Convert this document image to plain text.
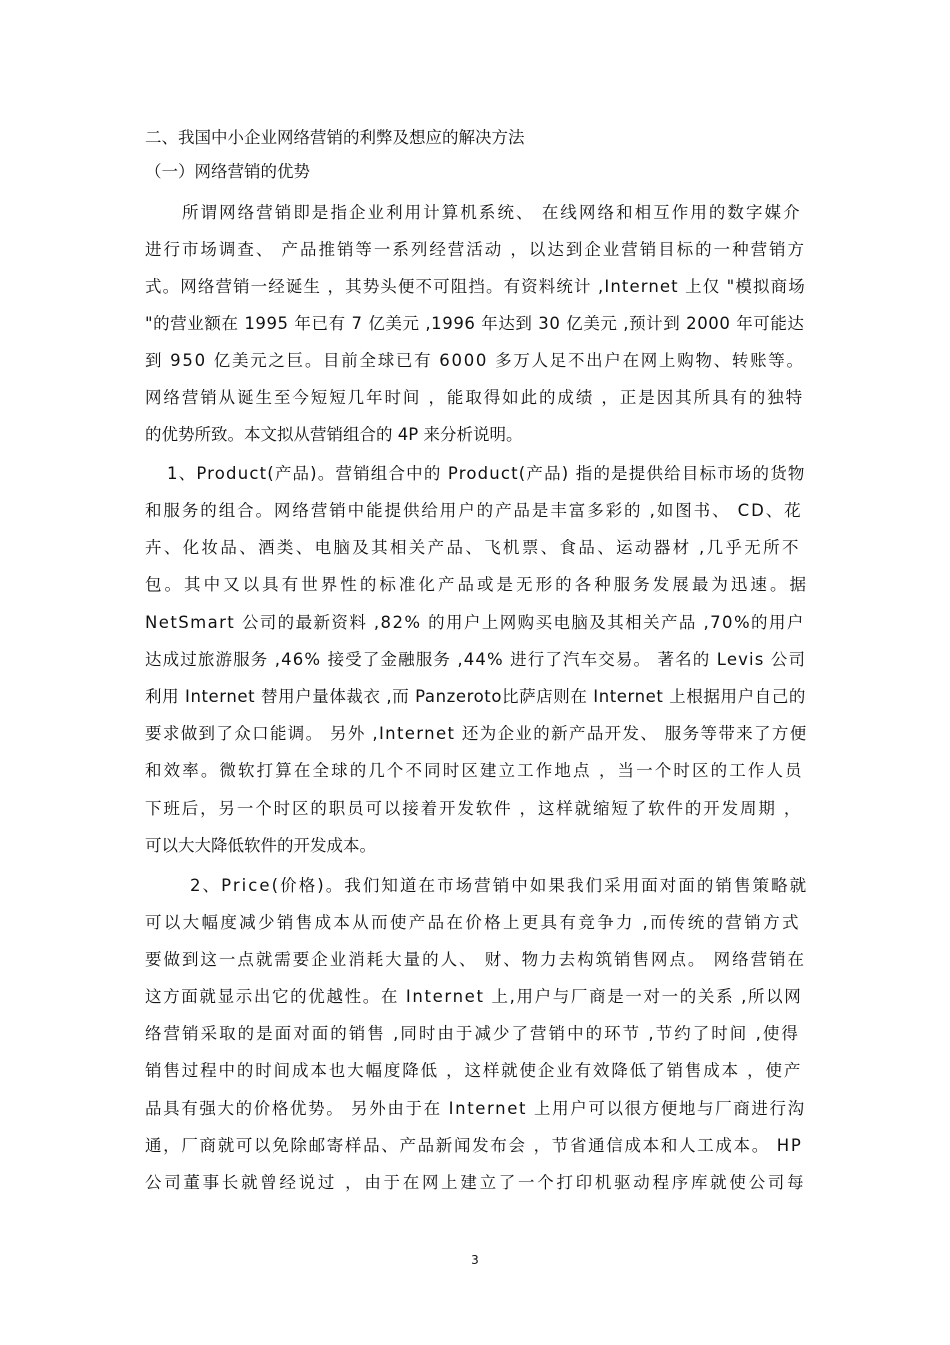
二、我国中小企业网络营销的利弊及想应的解决方法
（一）网络营销的优势
所谓网络营销即是指企业利用计算机系统、 在线网络和相互作用的数字媒介
进行市场调查、 产品推销等一系列经营活动 ，以达到企业营销目标的一种营销方
式。网络营销一经诞生 ，其势头便不可阻挡。有资料统计 ,Internet 上仅 "模拟商场
"的营业额在 1995 年已有 7 亿美元 ,1996 年达到 30 亿美元 ,预计到 2000 年可能达
到 950 亿美元之巨。目前全球已有 6000 多万人足不出户在网上购物、转账等。
网络营销从诞生至今短短几年时间 ，能取得如此的成绩 ，正是因其所具有的独特
的优势所致。本文拟从营销组合的 4P 来分析说明。
1、Product(产品)。营销组合中的 Product(产品) 指的是提供给目标市场的货物
和服务的组合。网络营销中能提供给用户的产品是丰富多彩的 ,如图书、 CD、花
卉、化妆品、酒类、电脑及其相关产品、飞机票、食品、运动器材 ,几乎无所不
包。其中又以具有世界性的标准化产品或是无形的各种服务发展最为迅速。据
NetSmart 公司的最新资料 ,82% 的用户上网购买电脑及其相关产品 ,70%的用户
达成过旅游服务 ,46% 接受了金融服务 ,44% 进行了汽车交易。 著名的 Levis 公司
利用 Internet 替用户量体裁衣 ,而 Panzeroto比萨店则在 Internet 上根据用户自己的
要求做到了众口能调。 另外 ,Internet 还为企业的新产品开发、 服务等带来了方便
和效率。微软打算在全球的几个不同时区建立工作地点 ，当一个时区的工作人员
下班后，另一个时区的职员可以接着开发软件 ，这样就缩短了软件的开发周期 ，
可以大大降低软件的开发成本。
2、Price(价格)。我们知道在市场营销中如果我们采用面对面的销售策略就
可以大幅度减少销售成本从而使产品在价格上更具有竞争力 ,而传统的营销方式
要做到这一点就需要企业消耗大量的人、 财、物力去构筑销售网点。 网络营销在
这方面就显示出它的优越性。在 Internet 上,用户与厂商是一对一的关系 ,所以网
络营销采取的是面对面的销售 ,同时由于减少了营销中的环节 ,节约了时间 ,使得
销售过程中的时间成本也大幅度降低 ，这样就使企业有效降低了销售成本 ，使产
品具有强大的价格优势。 另外由于在 Internet 上用户可以很方便地与厂商进行沟
通，厂商就可以免除邮寄样品、产品新闻发布会 ，节省通信成本和人工成本。 HP
公司董事长就曾经说过 ，由于在网上建立了一个打印机驱动程序库就使公司每
3
